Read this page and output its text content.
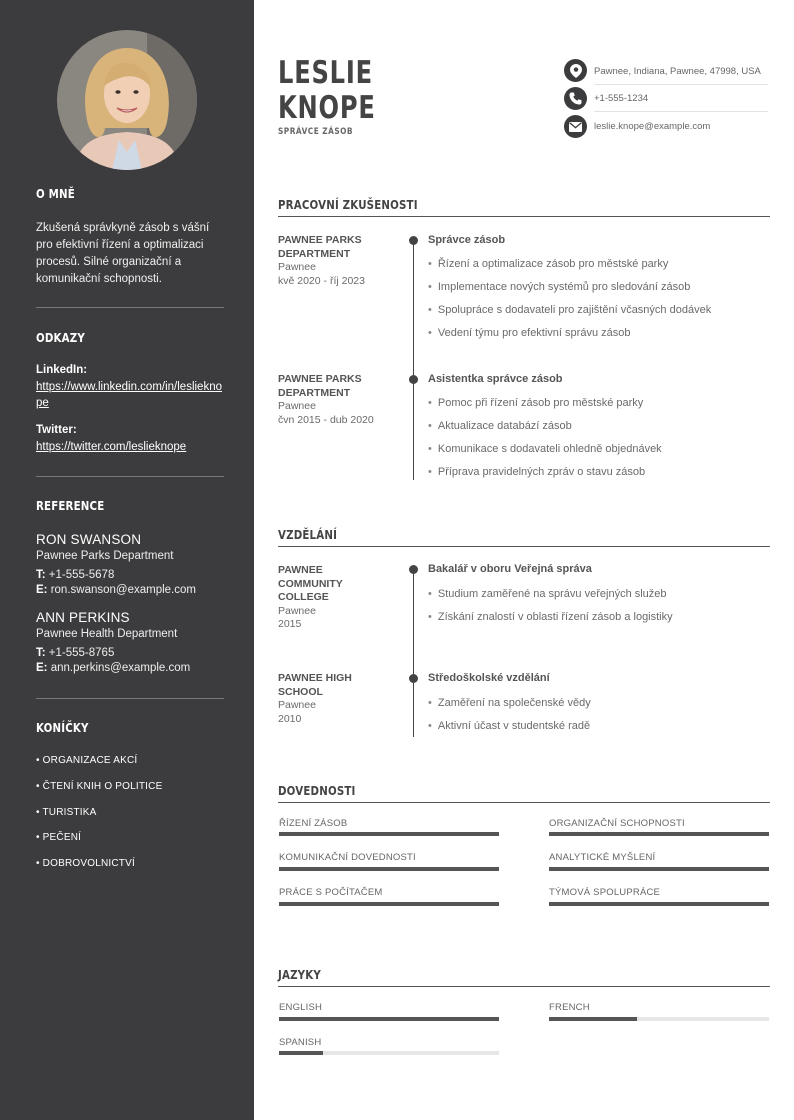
O MNĚ
Zkušená správkyně zásob s vášní pro efektivní řízení a optimalizaci procesů. Silné organizační a komunikační schopnosti.
ODKAZY
LinkedIn:
https://www.linkedin.com/in/leslieknope
Twitter:
https://twitter.com/leslieknope
REFERENCE
RON SWANSON
Pawnee Parks Department
T: +1-555-5678
E: ron.swanson@example.com
ANN PERKINS
Pawnee Health Department
T: +1-555-8765
E: ann.perkins@example.com
KONÍČKY
• ORGANIZACE AKCÍ
• ČTENÍ KNIH O POLITICE
• TURISTIKA
• PEČENÍ
• DOBROVOLNICTVÍ
LESLIE
KNOPE
SPRÁVCE ZÁSOB
Pawnee, Indiana, Pawnee, 47998, USA
+1-555-1234
leslie.knope@example.com
PRACOVNÍ ZKUŠENOSTI
PAWNEE PARKS
DEPARTMENT
Pawnee
kvě 2020 - říj 2023
Správce zásob
• Řízení a optimalizace zásob pro městské parky
• Implementace nových systémů pro sledování zásob
• Spolupráce s dodavateli pro zajištění včasných dodávek
• Vedení týmu pro efektivní správu zásob
PAWNEE PARKS
DEPARTMENT
Pawnee
čvn 2015 - dub 2020
Asistentka správce zásob
• Pomoc při řízení zásob pro městské parky
• Aktualizace databází zásob
• Komunikace s dodavateli ohledně objednávek
• Příprava pravidelných zpráv o stavu zásob
VZDĚLÁNÍ
PAWNEE
COMMUNITY
COLLEGE
Pawnee
2015
Bakalář v oboru Veřejná správa
• Studium zaměřené na správu veřejných služeb
• Získání znalostí v oblasti řízení zásob a logistiky
PAWNEE HIGH
SCHOOL
Pawnee
2010
Středoškolské vzdělání
• Zaměření na společenské vědy
• Aktivní účast v studentské radě
DOVEDNOSTI
ŘÍZENÍ ZÁSOB	ORGANIZAČNÍ SCHOPNOSTI
KOMUNIKAČNÍ DOVEDNOSTI	ANALYTICKÉ MYŠLENÍ
PRÁCE S POČÍTAČEM	TÝMOVÁ SPOLUPRÁCE
JAZYKY
ENGLISH	FRENCH
SPANISH
